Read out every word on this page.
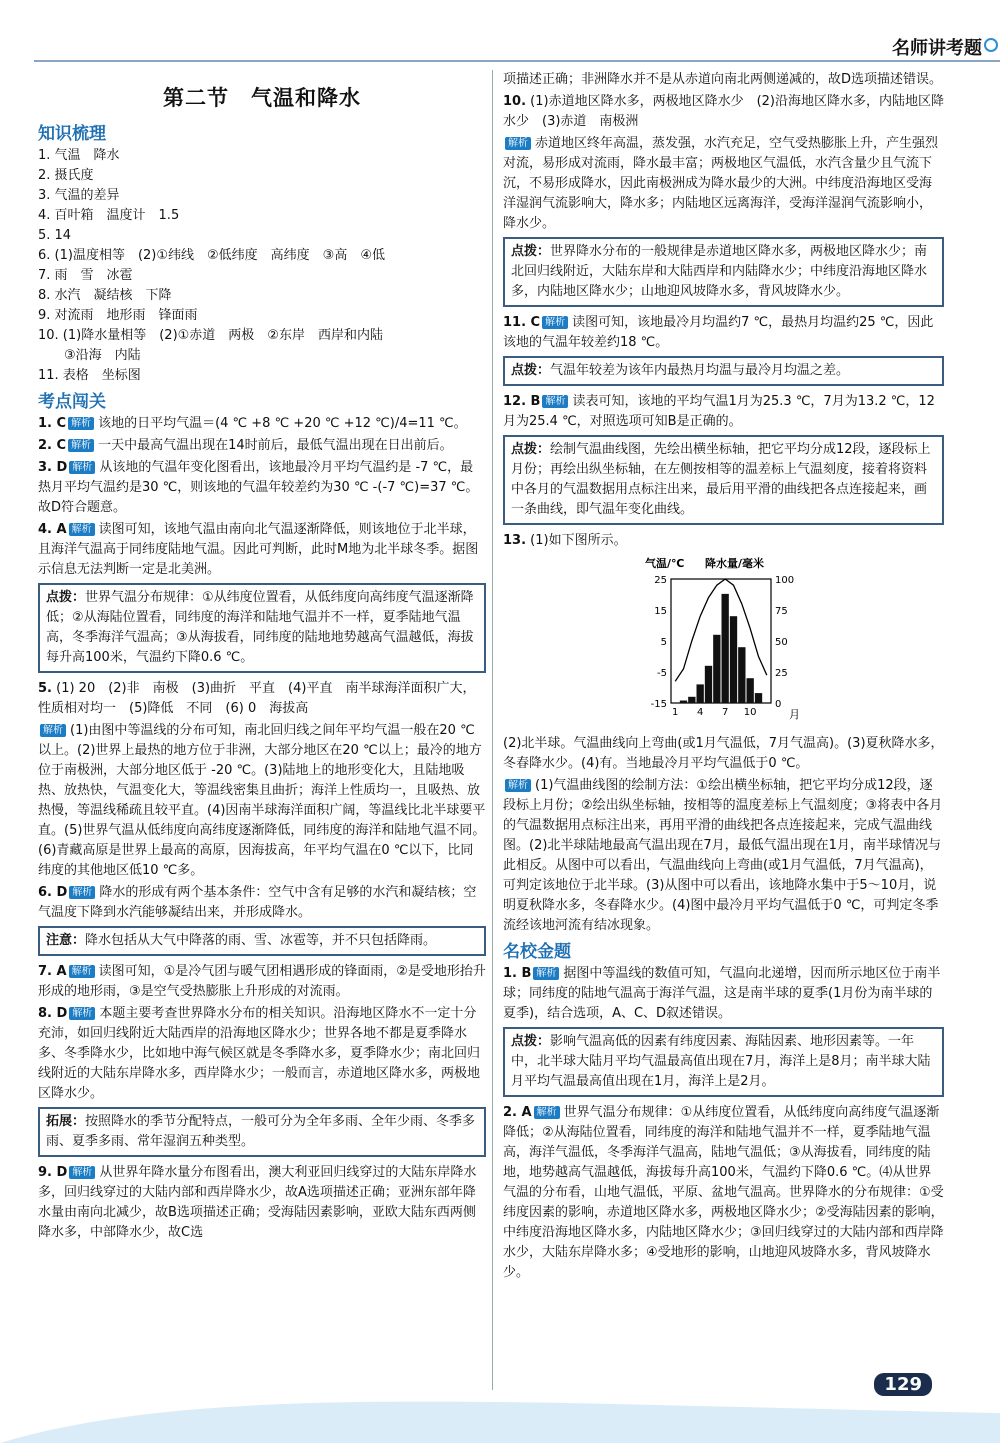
名师讲考题
第二节　气温和降水
知识梳理

1. 气温　降水

2. 摄氏度

3. 气温的差异

4. 百叶箱　温度计　1.5

5. 14

6. (1)温度相等　(2)①纬线　②低纬度　高纬度　③高　④低

7. 雨　雪　冰雹

8. 水汽　凝结核　下降

9. 对流雨　地形雨　锋面雨

10. (1)降水量相等　(2)①赤道　两极　②东岸　西岸和内陆

　　③沿海　内陆

11. 表格　坐标图

考点闯关

1. C 解析 该地的日平均气温＝(4 ℃ +8 ℃ +20 ℃ +12 ℃)/4=11 ℃。

2. C 解析 一天中最高气温出现在14时前后，最低气温出现在日出前后。

3. D 解析 从该地的气温年变化图看出，该地最冷月平均气温约是 -7 ℃，最热月平均气温约是30 ℃，则该地的气温年较差约为30 ℃ -(-7 ℃)=37 ℃。故D符合题意。

4. A 解析 读图可知，该地气温由南向北气温逐渐降低，则该地位于北半球，且海洋气温高于同纬度陆地气温。因此可判断，此时M地为北半球冬季。据图示信息无法判断一定是北美洲。

点拨：世界气温分布规律：①从纬度位置看，从低纬度向高纬度气温逐渐降低；②从海陆位置看，同纬度的海洋和陆地气温并不一样，夏季陆地气温高，冬季海洋气温高；③从海拔看，同纬度的陆地地势越高气温越低，海拔每升高100米，气温约下降0.6 ℃。

5. (1) 20　(2)非　南极　(3)曲折　平直　(4)平直　南半球海洋面积广大，性质相对均一　(5)降低　不同　(6) 0　海拔高

解析 (1)由图中等温线的分布可知，南北回归线之间年平均气温一般在20 ℃以上。(2)世界上最热的地方位于非洲，大部分地区在20 ℃以上；最冷的地方位于南极洲，大部分地区低于 -20 ℃。(3)陆地上的地形变化大，且陆地吸热、放热快，气温变化大，等温线密集且曲折；海洋上性质均一，且吸热、放热慢，等温线稀疏且较平直。(4)因南半球海洋面积广阔，等温线比北半球要平直。(5)世界气温从低纬度向高纬度逐渐降低，同纬度的海洋和陆地气温不同。(6)青藏高原是世界上最高的高原，因海拔高，年平均气温在0 ℃以下，比同纬度的其他地区低10 ℃多。

6. D 解析 降水的形成有两个基本条件：空气中含有足够的水汽和凝结核；空气温度下降到水汽能够凝结出来，并形成降水。

注意：降水包括从大气中降落的雨、雪、冰雹等，并不只包括降雨。

7. A 解析 读图可知，①是冷气团与暖气团相遇形成的锋面雨，②是受地形抬升形成的地形雨，③是空气受热膨胀上升形成的对流雨。

8. D 解析 本题主要考查世界降水分布的相关知识。沿海地区降水不一定十分充沛，如回归线附近大陆西岸的沿海地区降水少；世界各地不都是夏季降水多、冬季降水少，比如地中海气候区就是冬季降水多，夏季降水少；南北回归线附近的大陆东岸降水多，西岸降水少；一般而言，赤道地区降水多，两极地区降水少。

拓展：按照降水的季节分配特点，一般可分为全年多雨、全年少雨、冬季多雨、夏季多雨、常年湿润五种类型。

9. D 解析 从世界年降水量分布图看出，澳大利亚回归线穿过的大陆东岸降水多，回归线穿过的大陆内部和西岸降水少，故A选项描述正确；亚洲东部年降水量由南向北减少，故B选项描述正确；受海陆因素影响，亚欧大陆东西两侧降水多，中部降水少，故C选

项描述正确；非洲降水并不是从赤道向南北两侧递减的，故D选项描述错误。

10. (1)赤道地区降水多，两极地区降水少　(2)沿海地区降水多，内陆地区降水少　(3)赤道　南极洲

解析 赤道地区终年高温，蒸发强，水汽充足，空气受热膨胀上升，产生强烈对流，易形成对流雨，降水最丰富；两极地区气温低，水汽含量少且气流下沉，不易形成降水，因此南极洲成为降水最少的大洲。中纬度沿海地区受海洋湿润气流影响大，降水多；内陆地区远离海洋，受海洋湿润气流影响小，降水少。

点拨：世界降水分布的一般规律是赤道地区降水多，两极地区降水少；南北回归线附近，大陆东岸和大陆西岸和内陆降水少；中纬度沿海地区降水多，内陆地区降水少；山地迎风坡降水多，背风坡降水少。

11. C 解析 读图可知，该地最冷月均温约7 ℃，最热月均温约25 ℃，因此该地的气温年较差约18 ℃。

点拨：气温年较差为该年内最热月均温与最冷月均温之差。

12. B 解析 读表可知，该地的平均气温1月为25.3 ℃，7月为13.2 ℃，12月为25.4 ℃，对照选项可知B是正确的。

点拨：绘制气温曲线图，先绘出横坐标轴，把它平均分成12段，逐段标上月份；再绘出纵坐标轴，在左侧按相等的温差标上气温刻度，接着将资料中各月的气温数据用点标注出来，最后用平滑的曲线把各点连接起来，画一条曲线，即气温年变化曲线。

13. (1)如下图所示。

气温/℃ 降水量/毫米
月
25
15
5
-5
-15
100
75
50
25
0
1 4 7 10

(2)北半球。气温曲线向上弯曲(或1月气温低，7月气温高)。(3)夏秋降水多，冬春降水少。(4)有。当地最冷月平均气温低于0 ℃。

解析 (1)气温曲线图的绘制方法：①绘出横坐标轴，把它平均分成12段，逐段标上月份；②绘出纵坐标轴，按相等的温度差标上气温刻度；③将表中各月的气温数据用点标注出来，再用平滑的曲线把各点连接起来，完成气温曲线图。(2)北半球陆地最高气温出现在7月，最低气温出现在1月，南半球情况与此相反。从图中可以看出，气温曲线向上弯曲(或1月气温低，7月气温高)，可判定该地位于北半球。(3)从图中可以看出，该地降水集中于5～10月，说明夏秋降水多，冬春降水少。(4)图中最冷月平均气温低于0 ℃，可判定冬季流经该地河流有结冰现象。

名校金题

1. B 解析 据图中等温线的数值可知，气温向北递增，因而所示地区位于南半球；同纬度的陆地气温高于海洋气温，这是南半球的夏季(1月份为南半球的夏季)，结合选项，A、C、D叙述错误。

点拨：影响气温高低的因素有纬度因素、海陆因素、地形因素等。一年中，北半球大陆月平均气温最高值出现在7月，海洋上是8月；南半球大陆月平均气温最高值出现在1月，海洋上是2月。

2. A 解析 世界气温分布规律：①从纬度位置看，从低纬度向高纬度气温逐渐降低；②从海陆位置看，同纬度的海洋和陆地气温并不一样，夏季陆地气温高，海洋气温低，冬季海洋气温高，陆地气温低；③从海拔看，同纬度的陆地，地势越高气温越低，海拔每升高100米，气温约下降0.6 ℃。⑷从世界气温的分布看，山地气温低，平原、盆地气温高。世界降水的分布规律：①受纬度因素的影响，赤道地区降水多，两极地区降水少；②受海陆因素的影响，中纬度沿海地区降水多，内陆地区降水少；③回归线穿过的大陆内部和西岸降水少，大陆东岸降水多；④受地形的影响，山地迎风坡降水多，背风坡降水少。

129
